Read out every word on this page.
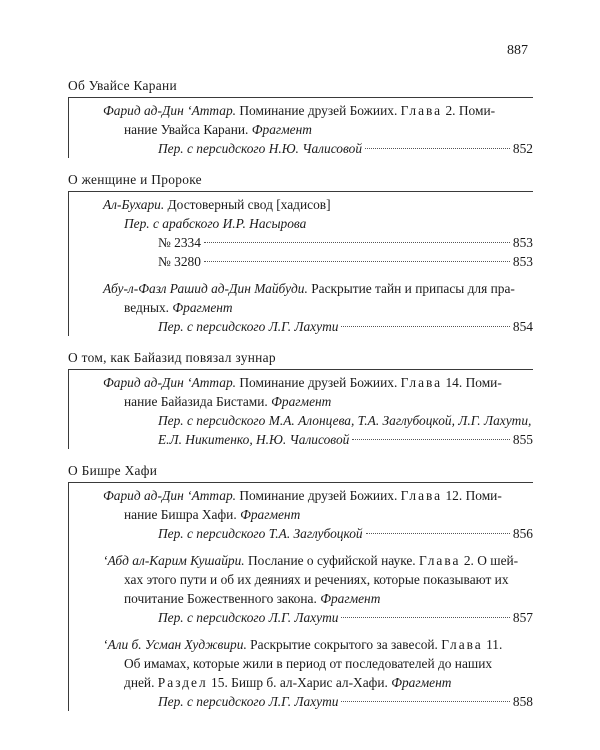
887
Об Увайсе Карани
Фарид ад-Дин ‘Аттар. Поминание друзей Божиих. Глава 2. Поми-
нание Увайса Карани. Фрагмент
Пер. с персидского Н.Ю. Чалисовой	852
О женщине и Пророке
Ал-Бухари. Достоверный свод [хадисов]
Пер. с арабского И.Р. Насырова
№ 2334	853
№ 3280	853
Абу-л-Фазл Рашид ад-Дин Майбуди. Раскрытие тайн и припасы для пра-
ведных. Фрагмент
Пер. с персидского Л.Г. Лахути	854
О том, как Байазид повязал зуннар
Фарид ад-Дин ‘Аттар. Поминание друзей Божиих. Глава 14. Поми-
нание Байазида Бистами. Фрагмент
Пер. с персидского М.А. Алонцева, Т.А. Заглубоцкой, Л.Г. Лахути,
Е.Л. Никитенко, Н.Ю. Чалисовой	855
О Бишре Хафи
Фарид ад-Дин ‘Аттар. Поминание друзей Божиих. Глава 12. Поми-
нание Бишра Хафи. Фрагмент
Пер. с персидского Т.А. Заглубоцкой	856
‘Абд ал-Карим Кушайри. Послание о суфийской науке. Глава 2. О шей-
хах этого пути и об их деяниях и речениях, которые показывают их
почитание Божественного закона. Фрагмент
Пер. с персидского Л.Г. Лахути	857
‘Али б. Усман Худжвири. Раскрытие сокрытого за завесой. Глава 11.
Об имамах, которые жили в период от последователей до наших
дней. Раздел 15. Бишр б. ал-Харис ал-Хафи. Фрагмент
Пер. с персидского Л.Г. Лахути	858
